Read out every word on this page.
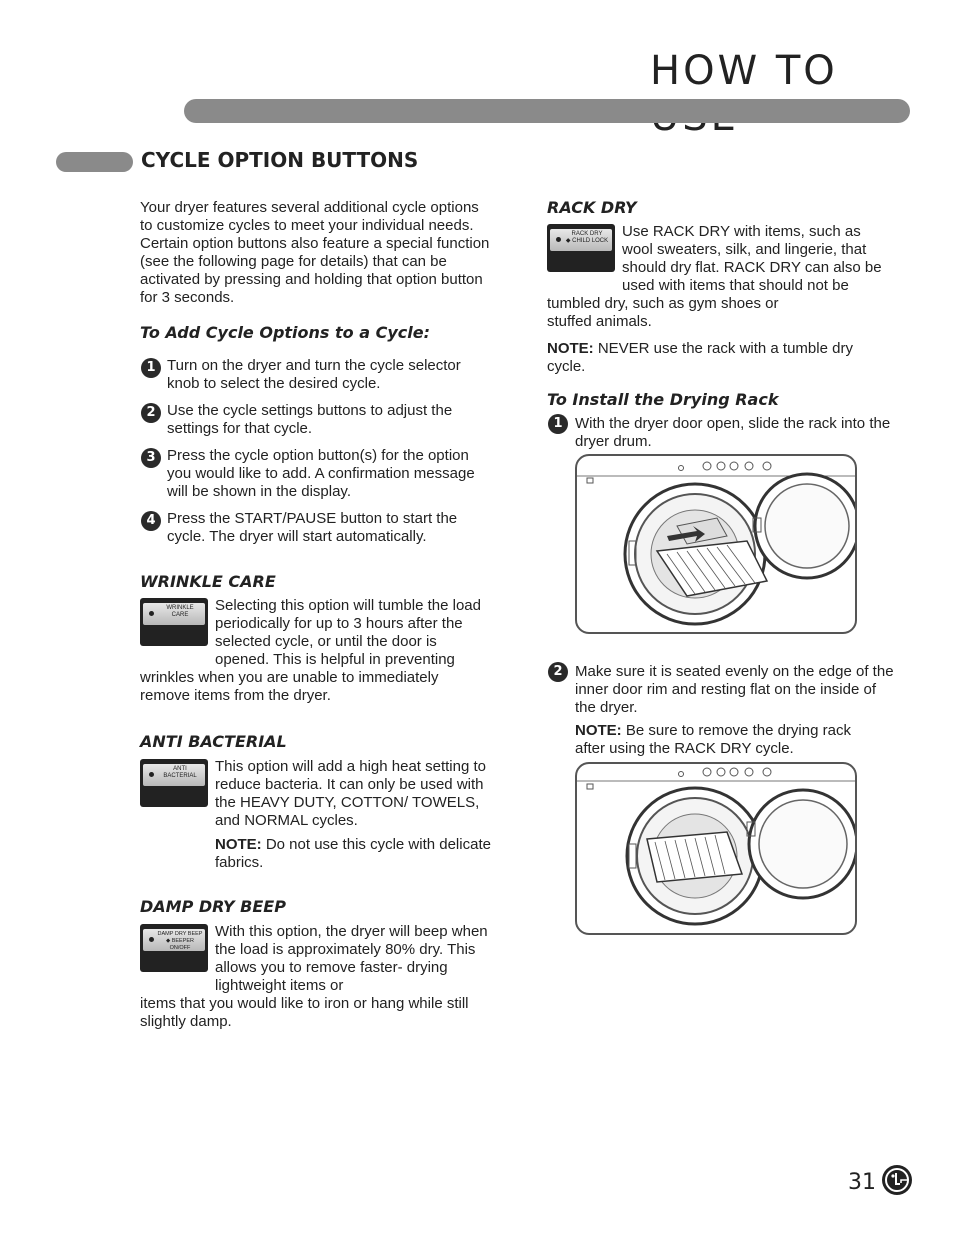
HOW TO
CYCLE OPTION BUTTONS
Your dryer features several additional cycle options to customize cycles to meet your individual needs. Certain option buttons also feature a special function (see the following page for details) that can be activated by pressing and holding that option button for 3 seconds.
To Add Cycle Options to a Cycle:
1 Turn on the dryer and turn the cycle selector knob to select the desired cycle.
2 Use the cycle settings buttons to adjust the settings for that cycle.
3 Press the cycle option button(s) for the option you would like to add. A confirmation message will be shown in the display.
4 Press the START/PAUSE button to start the cycle. The dryer will start automatically.
WRINKLE CARE
WRINKLE
CARE
Selecting this option will tumble the load periodically for up to 3 hours after the selected cycle, or until the door is opened. This is helpful in preventing
wrinkles when you are unable to immediately remove items from the dryer.
ANTI BACTERIAL
ANTI
BACTERIAL
This option will add a high heat setting to reduce bacteria. It can only be used with the HEAVY DUTY, COTTON/ TOWELS, and NORMAL cycles.
NOTE: Do not use this cycle with delicate fabrics.
DAMP DRY BEEP
DAMP DRY BEEP
◆ BEEPER ON/OFF
With this option, the dryer will beep when the load is approximately 80% dry. This allows you to remove faster- drying lightweight items or
items that you would like to iron or hang while still slightly damp.
RACK DRY
RACK DRY
◆ CHILD LOCK
Use RACK DRY with items, such as wool sweaters, silk, and lingerie, that should dry flat. RACK DRY can also be used with items that should not be
tumbled dry, such as gym shoes or stuffed animals.
NOTE: NEVER use the rack with a tumble dry cycle.
To Install the Drying Rack
1 With the dryer door open, slide the rack into the dryer drum.
2 Make sure it is seated evenly on the edge of the inner door rim and resting flat on the inside of the dryer.
NOTE: Be sure to remove the drying rack after using the RACK DRY cycle.
31
